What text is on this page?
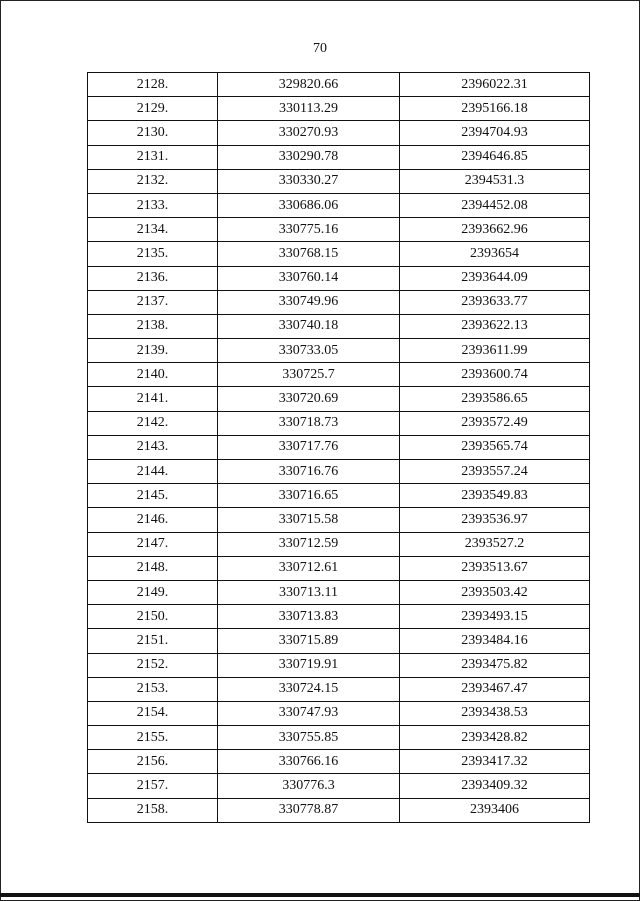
70
2128.	329820.66	2396022.31
2129.	330113.29	2395166.18
2130.	330270.93	2394704.93
2131.	330290.78	2394646.85
2132.	330330.27	2394531.3
2133.	330686.06	2394452.08
2134.	330775.16	2393662.96
2135.	330768.15	2393654
2136.	330760.14	2393644.09
2137.	330749.96	2393633.77
2138.	330740.18	2393622.13
2139.	330733.05	2393611.99
2140.	330725.7	2393600.74
2141.	330720.69	2393586.65
2142.	330718.73	2393572.49
2143.	330717.76	2393565.74
2144.	330716.76	2393557.24
2145.	330716.65	2393549.83
2146.	330715.58	2393536.97
2147.	330712.59	2393527.2
2148.	330712.61	2393513.67
2149.	330713.11	2393503.42
2150.	330713.83	2393493.15
2151.	330715.89	2393484.16
2152.	330719.91	2393475.82
2153.	330724.15	2393467.47
2154.	330747.93	2393438.53
2155.	330755.85	2393428.82
2156.	330766.16	2393417.32
2157.	330776.3	2393409.32
2158.	330778.87	2393406
